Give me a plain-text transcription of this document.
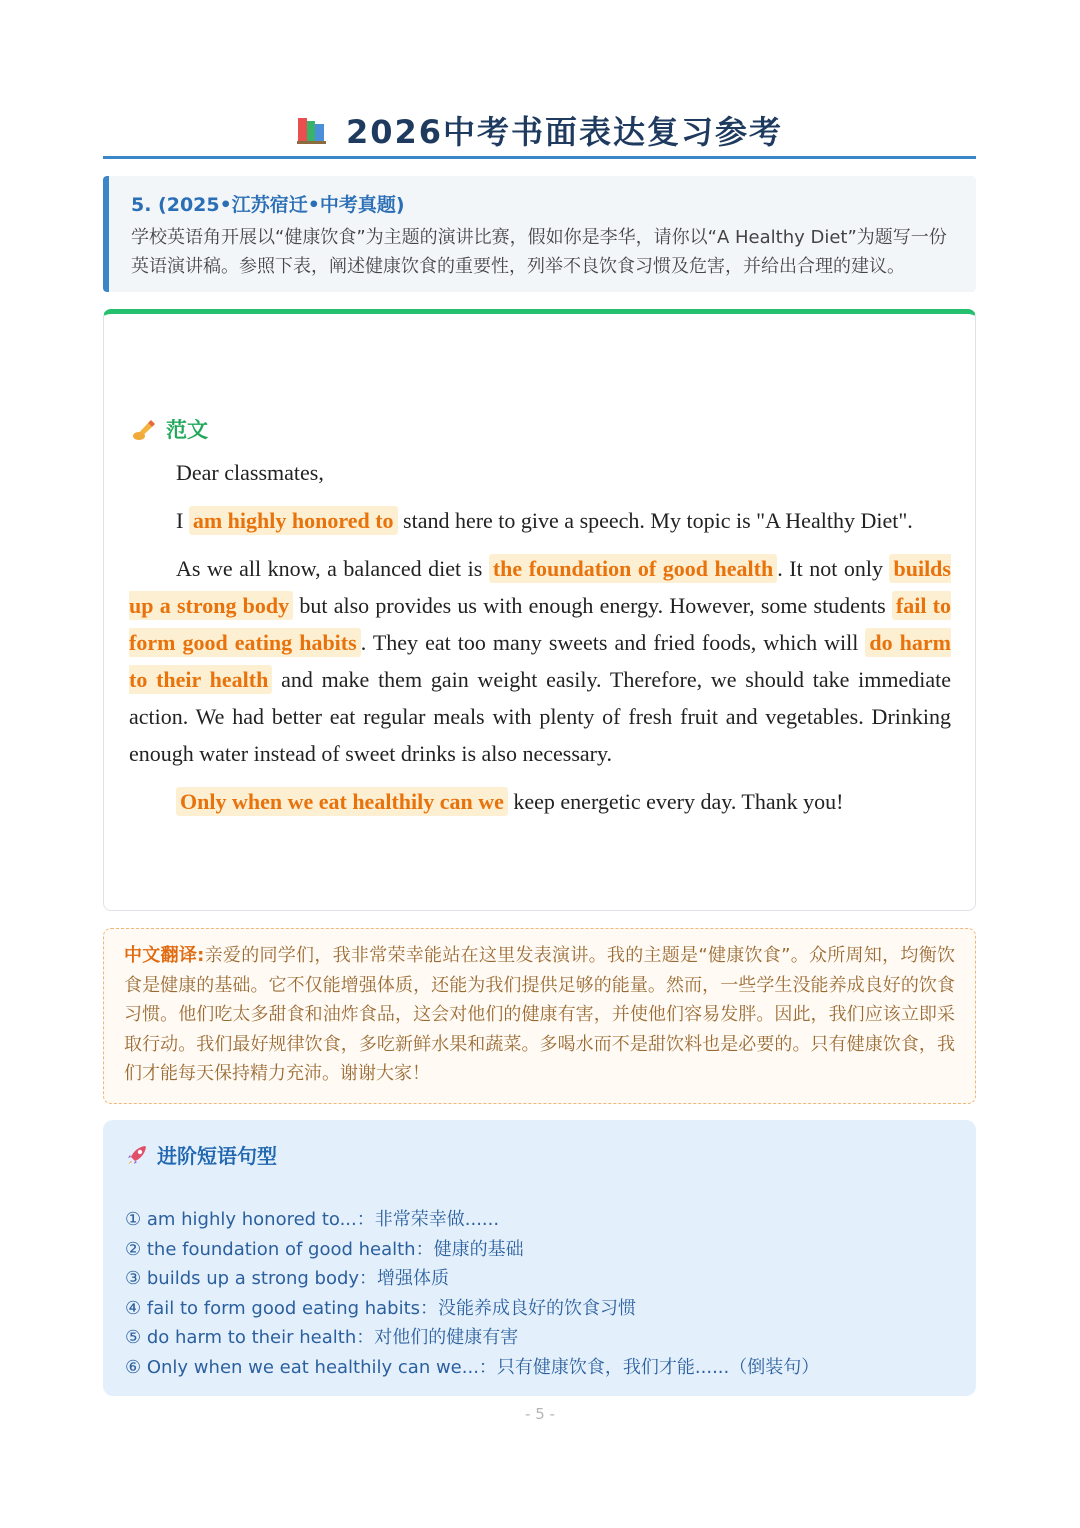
2026中考书面表达复习参考
5. (2025•江苏宿迁•中考真题)
学校英语角开展以“健康饮食”为主题的演讲比赛，假如你是李华，请你以“A Healthy Diet”为题写一份英语演讲稿。参照下表，阐述健康饮食的重要性，列举不良饮食习惯及危害，并给出合理的建议。
范文

Dear classmates,

I am highly honored to stand here to give a speech. My topic is "A Healthy Diet".

As we all know, a balanced diet is the foundation of good health . It not only builds up a strong body but also provides us with enough energy. However, some students fail to form good eating habits . They eat too many sweets and fried foods, which will do harm to their health and make them gain weight easily. Therefore, we should take immediate action. We had better eat regular meals with plenty of fresh fruit and vegetables. Drinking enough water instead of sweet drinks is also necessary.

Only when we eat healthily can we keep energetic every day. Thank you!

中文翻译:亲爱的同学们，我非常荣幸能站在这里发表演讲。我的主题是“健康饮食”。众所周知，均衡饮食是健康的基础。它不仅能增强体质，还能为我们提供足够的能量。然而，一些学生没能养成良好的饮食习惯。他们吃太多甜食和油炸食品，这会对他们的健康有害，并使他们容易发胖。因此，我们应该立即采取行动。我们最好规律饮食，多吃新鲜水果和蔬菜。多喝水而不是甜饮料也是必要的。只有健康饮食，我们才能每天保持精力充沛。谢谢大家！
进阶短语句型
① am highly honored to...：非常荣幸做......
② the foundation of good health：健康的基础
③ builds up a strong body：增强体质
④ fail to form good eating habits：没能养成良好的饮食习惯
⑤ do harm to their health：对他们的健康有害
⑥ Only when we eat healthily can we...：只有健康饮食，我们才能......（倒装句）
- 5 -
